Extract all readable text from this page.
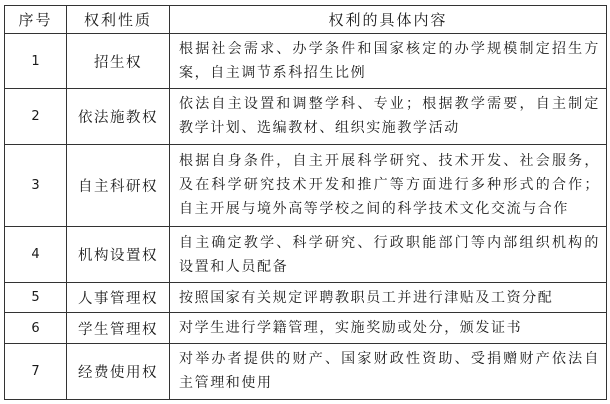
序号	权利性质	权利的具体内容
1	招生权	根据社会需求、办学条件和国家核定的办学规模制定招生方案，自主调节系科招生比例
2	依法施教权	依法自主设置和调整学科、专业；根据教学需要，自主制定教学计划、选编教材、组织实施教学活动
3	自主科研权	根据自身条件，自主开展科学研究、技术开发、社会服务，及在科学研究技术开发和推广等方面进行多种形式的合作；自主开展与境外高等学校之间的科学技术文化交流与合作
4	机构设置权	自主确定教学、科学研究、行政职能部门等内部组织机构的设置和人员配备
5	人事管理权	按照国家有关规定评聘教职员工并进行津贴及工资分配
6	学生管理权	对学生进行学籍管理，实施奖励或处分，颁发证书
7	经费使用权	对举办者提供的财产、国家财政性资助、受捐赠财产依法自主管理和使用
